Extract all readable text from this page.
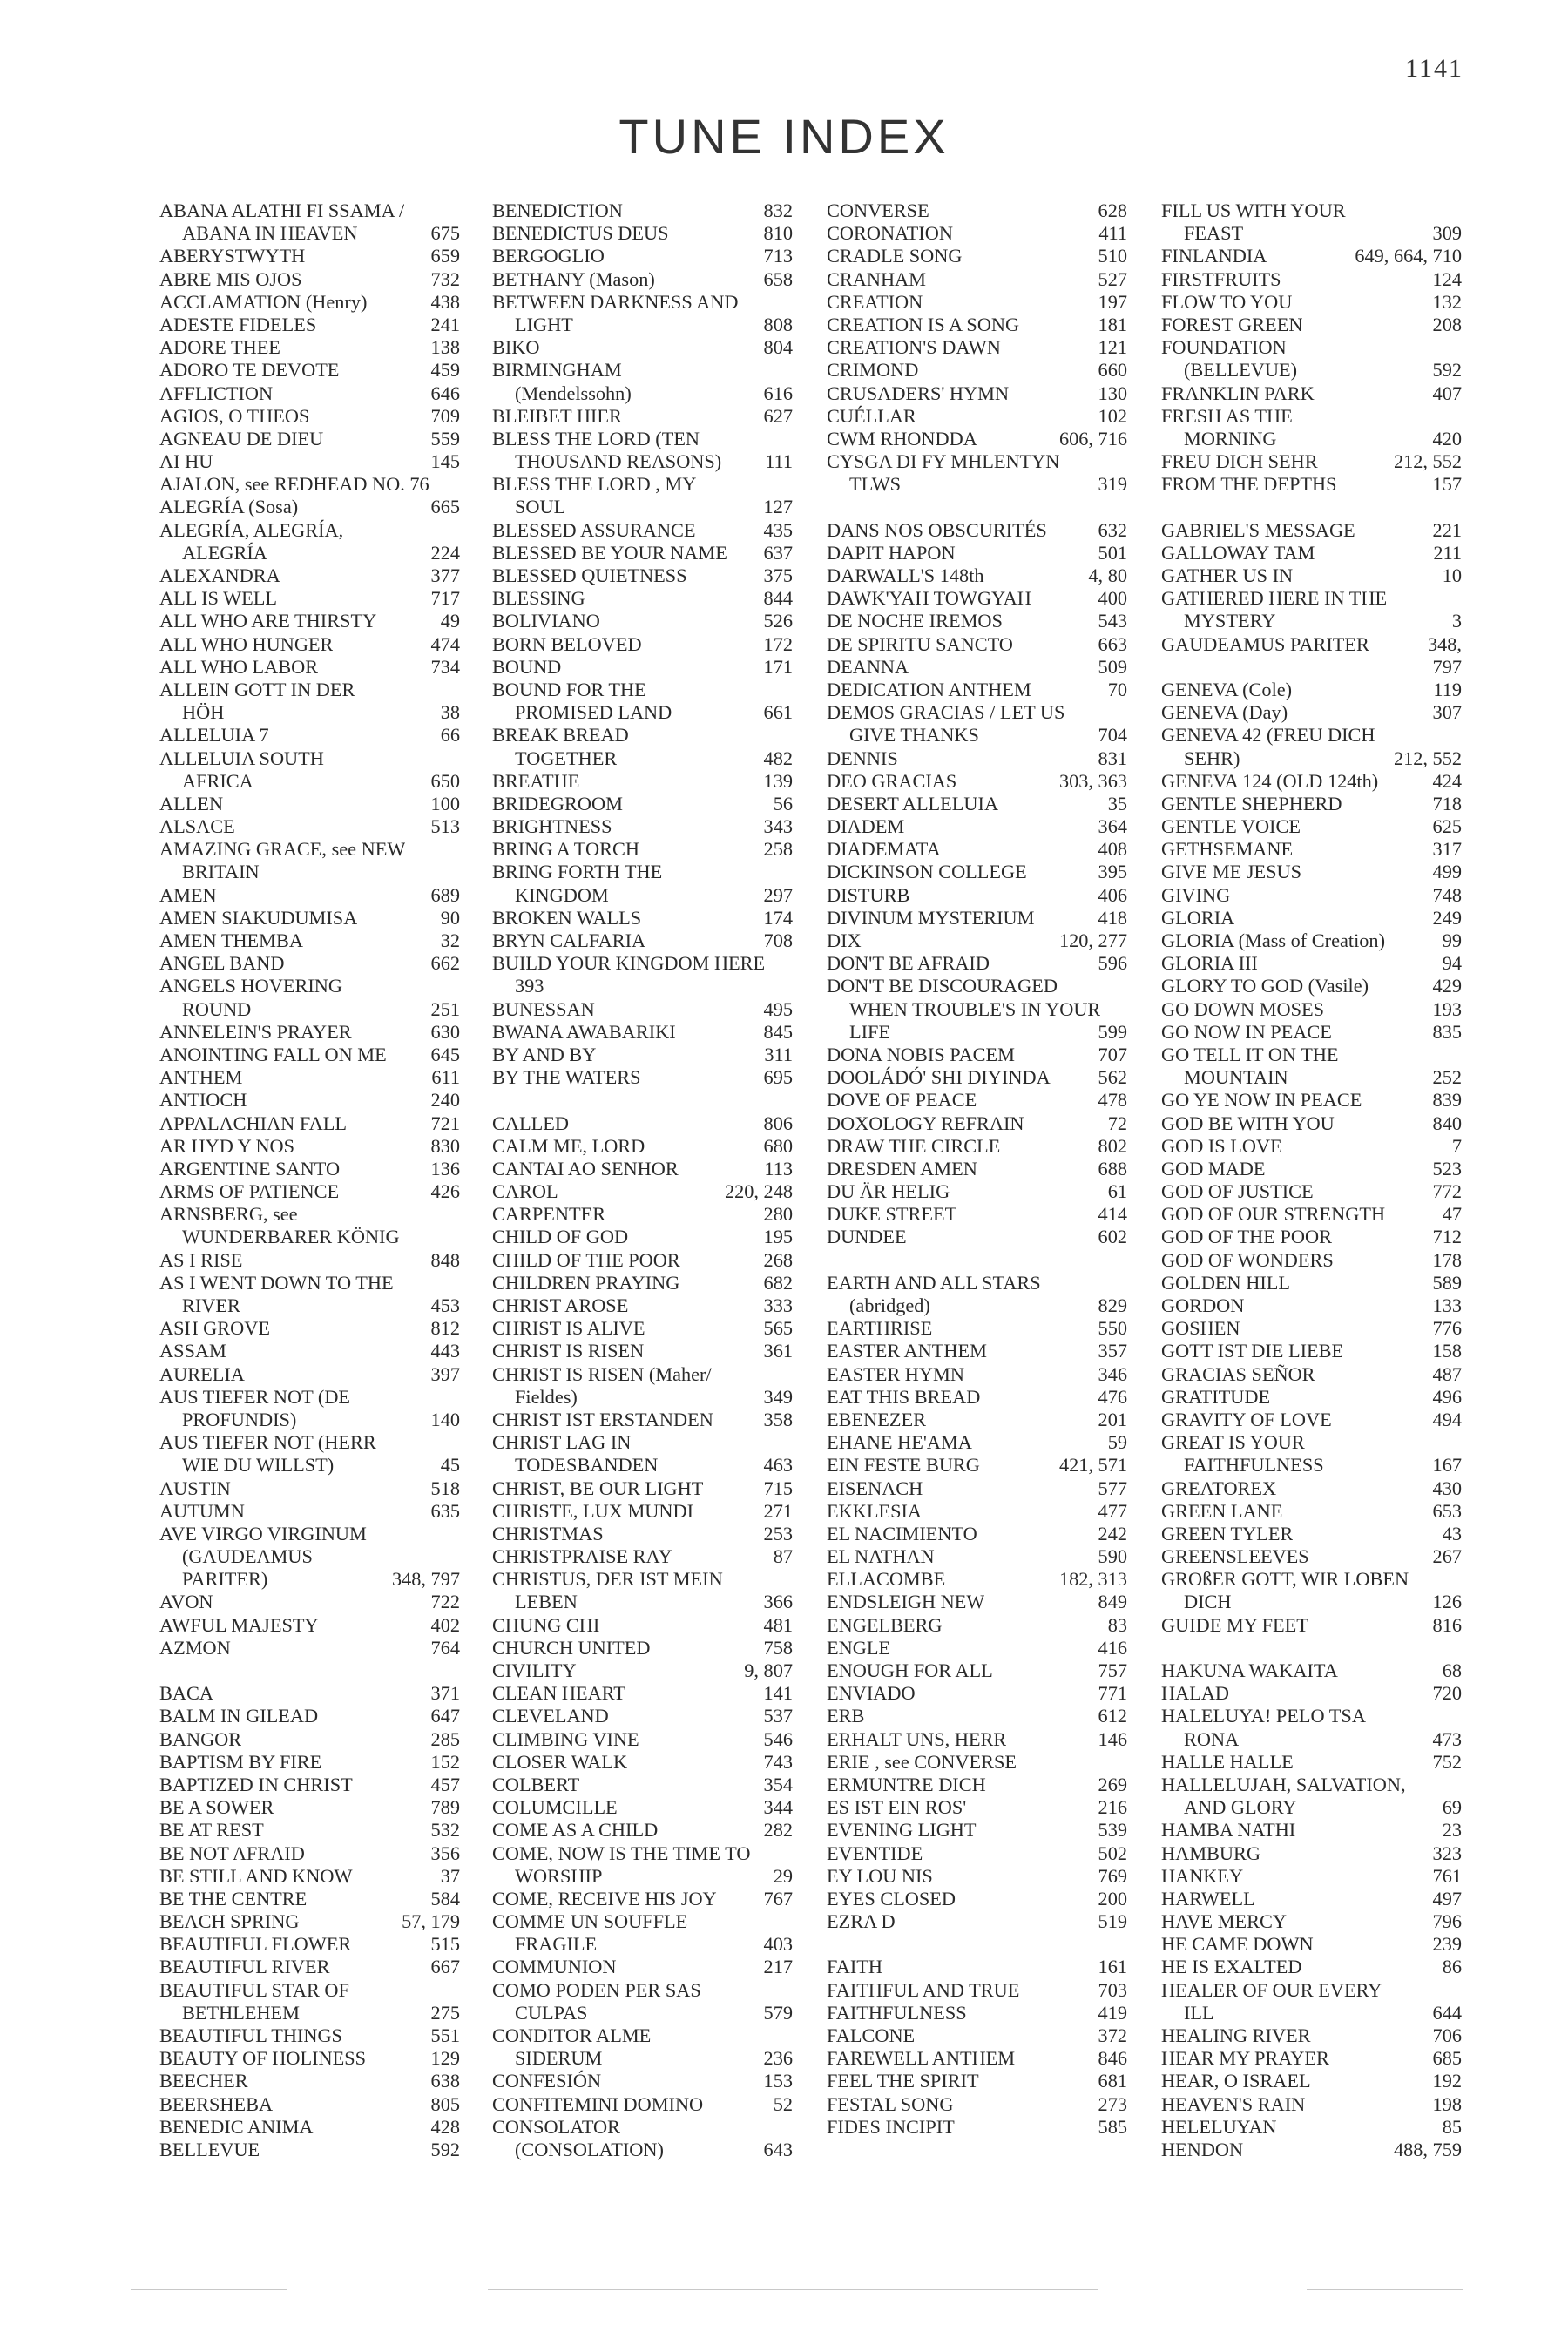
1141
TUNE INDEX
ABANA ALATHI FI SSAMA /
ABANA IN HEAVEN	675
ABERYSTWYTH	659
ABRE MIS OJOS	732
ACCLAMATION (Henry)	438
ADESTE FIDELES	241
ADORE THEE	138
ADORO TE DEVOTE	459
AFFLICTION	646
AGIOS, O THEOS	709
AGNEAU DE DIEU	559
AI HU	145
AJALON, see REDHEAD NO. 76
ALEGRÍA (Sosa)	665
ALEGRÍA, ALEGRÍA,
ALEGRÍA	224
ALEXANDRA	377
ALL IS WELL	717
ALL WHO ARE THIRSTY	49
ALL WHO HUNGER	474
ALL WHO LABOR	734
ALLEIN GOTT IN DER
HÖH	38
ALLELUIA 7	66
ALLELUIA SOUTH
AFRICA	650
ALLEN	100
ALSACE	513
AMAZING GRACE, see NEW
BRITAIN
AMEN	689
AMEN SIAKUDUMISA	90
AMEN THEMBA	32
ANGEL BAND	662
ANGELS HOVERING
ROUND	251
ANNELEIN'S PRAYER	630
ANOINTING FALL ON ME 645
ANTHEM	611
ANTIOCH	240
APPALACHIAN FALL	721
AR HYD Y NOS	830
ARGENTINE SANTO	136
ARMS OF PATIENCE	426
ARNSBERG, see
WUNDERBARER KÖNIG
AS I RISE	848
AS I WENT DOWN TO THE
RIVER	453
ASH GROVE	812
ASSAM	443
AURELIA	397
AUS TIEFER NOT (DE
PROFUNDIS)	140
AUS TIEFER NOT (HERR
WIE DU WILLST)	45
AUSTIN	518
AUTUMN	635
AVE VIRGO VIRGINUM
(GAUDEAMUS
PARITER)	348, 797
AVON	722
AWFUL MAJESTY	402
AZMON	764
BACA	371
BALM IN GILEAD	647
BANGOR	285
BAPTISM BY FIRE	152
BAPTIZED IN CHRIST	457
BE A SOWER	789
BE AT REST	532
BE NOT AFRAID	356
BE STILL AND KNOW	37
BE THE CENTRE	584
BEACH SPRING	57, 179
BEAUTIFUL FLOWER	515
BEAUTIFUL RIVER	667
BEAUTIFUL STAR OF
BETHLEHEM	275
BEAUTIFUL THINGS	551
BEAUTY OF HOLINESS	129
BEECHER	638
BEERSHEBA	805
BENEDIC ANIMA	428
BELLEVUE	592
BENEDICTION	832
BENEDICTUS DEUS	810
BERGOGLIO	713
BETHANY (Mason)	658
BETWEEN DARKNESS AND
LIGHT	808
BIKO	804
BIRMINGHAM
(Mendelssohn)	616
BLEIBET HIER	627
BLESS THE LORD (TEN
THOUSAND REASONS) 111
BLESS THE LORD , MY
SOUL	127
BLESSED ASSURANCE	435
BLESSED BE YOUR NAME 637
BLESSED QUIETNESS	375
BLESSING	844
BOLIVIANO	526
BORN BELOVED	172
BOUND	171
BOUND FOR THE
PROMISED LAND	661
BREAK BREAD
TOGETHER	482
BREATHE	139
BRIDEGROOM	56
BRIGHTNESS	343
BRING A TORCH	258
BRING FORTH THE
KINGDOM	297
BROKEN WALLS	174
BRYN CALFARIA	708
BUILD YOUR KINGDOM HERE
393
BUNESSAN	495
BWANA AWABARIKI	845
BY AND BY	311
BY THE WATERS	695
CALLED	806
CALM ME, LORD	680
CANTAI AO SENHOR	113
CAROL	220, 248
CARPENTER	280
CHILD OF GOD	195
CHILD OF THE POOR	268
CHILDREN PRAYING	682
CHRIST AROSE	333
CHRIST IS ALIVE	565
CHRIST IS RISEN	361
CHRIST IS RISEN (Maher/
Fieldes)	349
CHRIST IST ERSTANDEN	358
CHRIST LAG IN
TODESBANDEN	463
CHRIST, BE OUR LIGHT	715
CHRISTE, LUX MUNDI	271
CHRISTMAS	253
CHRISTPRAISE RAY	87
CHRISTUS, DER IST MEIN
LEBEN	366
CHUNG CHI	481
CHURCH UNITED	758
CIVILITY	9, 807
CLEAN HEART	141
CLEVELAND	537
CLIMBING VINE	546
CLOSER WALK	743
COLBERT	354
COLUMCILLE	344
COME AS A CHILD	282
COME, NOW IS THE TIME TO
WORSHIP	29
COME, RECEIVE HIS JOY 767
COMME UN SOUFFLE
FRAGILE	403
COMMUNION	217
COMO PODEN PER SAS
CULPAS	579
CONDITOR ALME
SIDERUM	236
CONFESIÓN	153
CONFITEMINI DOMINO	52
CONSOLATOR
(CONSOLATION)	643
CONVERSE	628
CORONATION	411
CRADLE SONG	510
CRANHAM	527
CREATION	197
CREATION IS A SONG	181
CREATION'S DAWN	121
CRIMOND	660
CRUSADERS' HYMN	130
CUÉLLAR	102
CWM RHONDDA	606, 716
CYSGA DI FY MHLENTYN
TLWS	319
DANS NOS OBSCURITÉS	632
DAPIT HAPON	501
DARWALL'S 148th	4, 80
DAWK'YAH TOWGYAH	400
DE NOCHE IREMOS	543
DE SPIRITU SANCTO	663
DEANNA	509
DEDICATION ANTHEM	70
DEMOS GRACIAS / LET US
GIVE THANKS	704
DENNIS	831
DEO GRACIAS	303, 363
DESERT ALLELUIA	35
DIADEM	364
DIADEMATA	408
DICKINSON COLLEGE	395
DISTURB	406
DIVINUM MYSTERIUM	418
DIX	120, 277
DON'T BE AFRAID	596
DON'T BE DISCOURAGED
WHEN TROUBLE'S IN YOUR
LIFE	599
DONA NOBIS PACEM	707
DOOLÁDÓ' SHI DIYINDA 562
DOVE OF PEACE	478
DOXOLOGY REFRAIN	72
DRAW THE CIRCLE	802
DRESDEN AMEN	688
DU ÄR HELIG	61
DUKE STREET	414
DUNDEE	602
EARTH AND ALL STARS
(abridged)	829
EARTHRISE	550
EASTER ANTHEM	357
EASTER HYMN	346
EAT THIS BREAD	476
EBENEZER	201
EHANE HE'AMA	59
EIN FESTE BURG	421, 571
EISENACH	577
EKKLESIA	477
EL NACIMIENTO	242
EL NATHAN	590
ELLACOMBE	182, 313
ENDSLEIGH NEW	849
ENGELBERG	83
ENGLE	416
ENOUGH FOR ALL	757
ENVIADO	771
ERB	612
ERHALT UNS, HERR	146
ERIE , see CONVERSE
ERMUNTRE DICH	269
ES IST EIN ROS'	216
EVENING LIGHT	539
EVENTIDE	502
EY LOU NIS	769
EYES CLOSED	200
EZRA D	519
FAITH	161
FAITHFUL AND TRUE	703
FAITHFULNESS	419
FALCONE	372
FAREWELL ANTHEM	846
FEEL THE SPIRIT	681
FESTAL SONG	273
FIDES INCIPIT	585
FILL US WITH YOUR
FEAST	309
FINLANDIA	649, 664, 710
FIRSTFRUITS	124
FLOW TO YOU	132
FOREST GREEN	208
FOUNDATION
(BELLEVUE)	592
FRANKLIN PARK	407
FRESH AS THE
MORNING	420
FREU DICH SEHR	212, 552
FROM THE DEPTHS	157
GABRIEL'S MESSAGE	221
GALLOWAY TAM	211
GATHER US IN	10
GATHERED HERE IN THE
MYSTERY	3
GAUDEAMUS PARITER	348,
797
GENEVA (Cole)	119
GENEVA (Day)	307
GENEVA 42 (FREU DICH
SEHR)	212, 552
GENEVA 124 (OLD 124th)	424
GENTLE SHEPHERD	718
GENTLE VOICE	625
GETHSEMANE	317
GIVE ME JESUS	499
GIVING	748
GLORIA	249
GLORIA (Mass of Creation)	99
GLORIA III	94
GLORY TO GOD (Vasile)	429
GO DOWN MOSES	193
GO NOW IN PEACE	835
GO TELL IT ON THE
MOUNTAIN	252
GO YE NOW IN PEACE	839
GOD BE WITH YOU	840
GOD IS LOVE	7
GOD MADE	523
GOD OF JUSTICE	772
GOD OF OUR STRENGTH	47
GOD OF THE POOR	712
GOD OF WONDERS	178
GOLDEN HILL	589
GORDON	133
GOSHEN	776
GOTT IST DIE LIEBE	158
GRACIAS SEÑOR	487
GRATITUDE	496
GRAVITY OF LOVE	494
GREAT IS YOUR
FAITHFULNESS	167
GREATOREX	430
GREEN LANE	653
GREEN TYLER	43
GREENSLEEVES	267
GROßER GOTT, WIR LOBEN
DICH	126
GUIDE MY FEET	816
HAKUNA WAKAITA	68
HALAD	720
HALELUYA! PELO TSA
RONA	473
HALLE HALLE	752
HALLELUJAH, SALVATION,
AND GLORY	69
HAMBA NATHI	23
HAMBURG	323
HANKEY	761
HARWELL	497
HAVE MERCY	796
HE CAME DOWN	239
HE IS EXALTED	86
HEALER OF OUR EVERY
ILL	644
HEALING RIVER	706
HEAR MY PRAYER	685
HEAR, O ISRAEL	192
HEAVEN'S RAIN	198
HELELUYAN	85
HENDON	488, 759
